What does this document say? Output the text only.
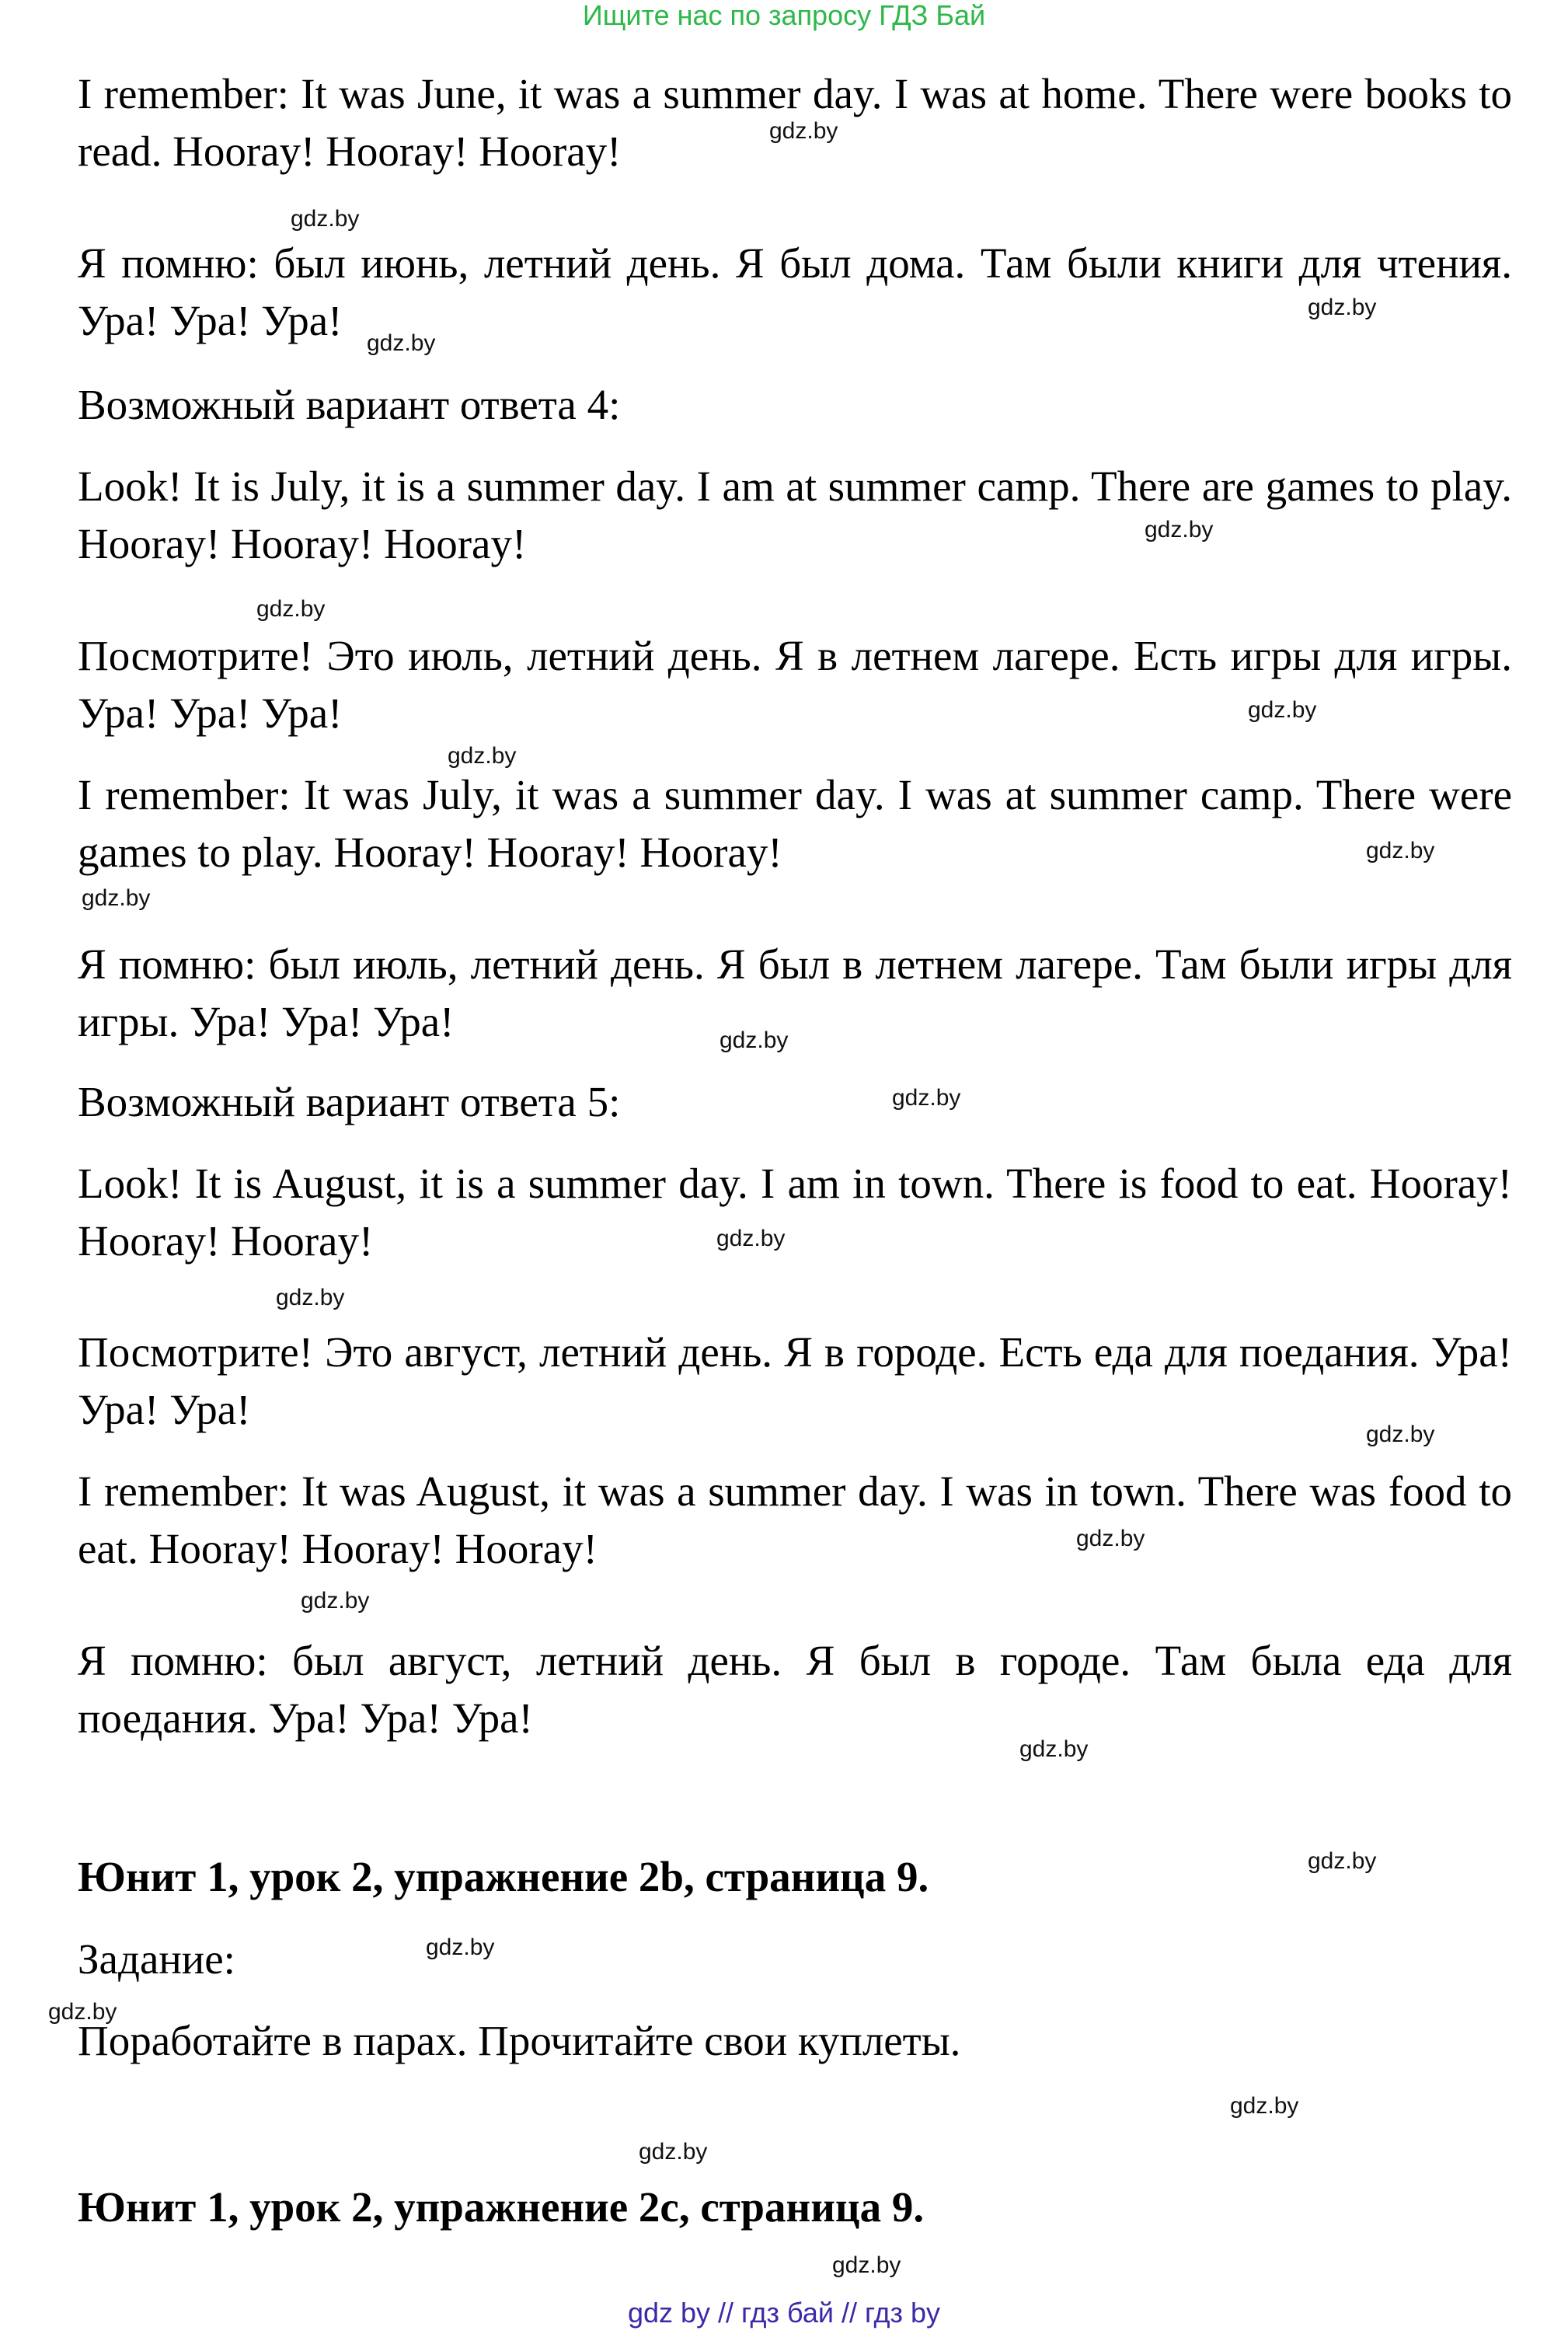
Ищите нас по запросу ГДЗ Бай

I remember: It was June, it was a summer day. I was at home. There were books to read. Hooray! Hooray! Hooray!

Я помню: был июнь, летний день. Я был дома. Там были книги для чтения. Ура! Ура! Ура!

Возможный вариант ответа 4:

Look! It is July, it is a summer day. I am at summer camp. There are games to play. Hooray! Hooray! Hooray!

Посмотрите! Это июль, летний день. Я в летнем лагере. Есть игры для игры. Ура! Ура! Ура!

I remember: It was July, it was a summer day. I was at summer camp. There were games to play. Hooray! Hooray! Hooray!

Я помню: был июль, летний день. Я был в летнем лагере. Там были игры для игры. Ура! Ура! Ура!

Возможный вариант ответа 5:

Look! It is August, it is a summer day. I am in town. There is food to eat. Hooray! Hooray! Hooray!

Посмотрите! Это август, летний день. Я в городе. Есть еда для поедания. Ура! Ура! Ура!

I remember: It was August, it was a summer day. I was in town. There was food to eat. Hooray! Hooray! Hooray!

Я помню: был август, летний день. Я был в городе. Там была еда для поедания. Ура! Ура! Ура!

Юнит 1, урок 2, упражнение 2b, страница 9.

Задание:

Поработайте в парах. Прочитайте свои куплеты.

Юнит 1, урок 2, упражнение 2c, страница 9.
gdz.by
gdz.by
gdz.by
gdz.by
gdz.by
gdz.by
gdz.by
gdz.by
gdz.by
gdz.by
gdz.by
gdz.by
gdz.by
gdz.by
gdz.by
gdz.by
gdz.by
gdz.by
gdz.by
gdz.by
gdz.by
gdz.by
gdz.by
gdz.by
gdz by // гдз бай // гдз by
